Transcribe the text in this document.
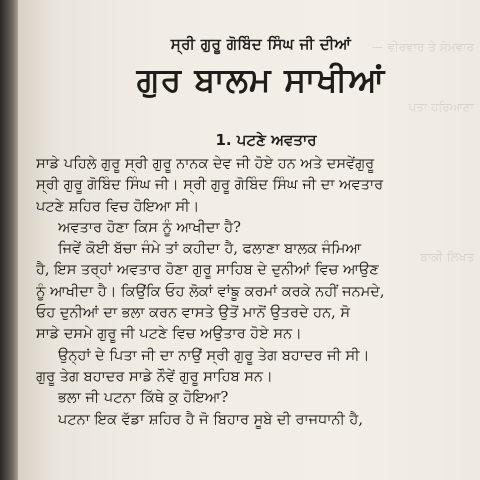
— ਵੀਰਵਾਰ ਤੇ ਸੋਮਵਾਰ
ਪਤਾ ਹਰਿਆਣਾ
ਬਾਕੀ ਲਿਖਤ

ਸ੍ਰੀ ਗੁਰੂ ਗੋਬਿੰਦ ਸਿੰਘ ਜੀ ਦੀਆਂ

ਗੁਰ ਬਾਲਮ ਸਾਖੀਆਂ
1. ਪਟਣੇ ਅਵਤਾਰ

ਸਾਡੇ ਪਹਿਲੇ ਗੁਰੂ ਸ੍ਰੀ ਗੁਰੂ ਨਾਨਕ ਦੇਵ ਜੀ ਹੋਏ ਹਨ ਅਤੇ ਦਸਵੇਂਗੁਰੂ

ਸ੍ਰੀ ਗੁਰੂ ਗੋਬਿੰਦ ਸਿੰਘ ਜੀ। ਸ੍ਰੀ ਗੁਰੂ ਗੋਬਿੰਦ ਸਿੰਘ ਜੀ ਦਾ ਅਵਤਾਰ

ਪਟਣੇ ਸ਼ਹਿਰ ਵਿਚ ਹੋਇਆ ਸੀ।

ਅਵਤਾਰ ਹੋਣਾ ਕਿਸ ਨੂੰ ਆਖੀਦਾ ਹੈ?

ਜਿਵੇਂ ਕੋਈ ਬੱਚਾ ਜੰਮੇ ਤਾਂ ਕਹੀਦਾ ਹੈ, ਫਲਾਣਾ ਬਾਲਕ ਜੰਮਿਆ

ਹੈ, ਇਸ ਤਰ੍ਹਾਂ ਅਵਤਾਰ ਹੋਣਾ ਗੁਰੂ ਸਾਹਿਬ ਦੇ ਦੁਨੀਆਂ ਵਿਚ ਆਉਣ

ਨੂੰ ਆਖੀਦਾ ਹੈ। ਕਿਉਂਕਿ ਓਹ ਲੋਕਾਂ ਵਾਂਙੂ ਕਰਮਾਂ ਕਰਕੇ ਨਹੀਂ ਜਨਮਦੇ,

ਓਹ ਦੁਨੀਆਂ ਦਾ ਭਲਾ ਕਰਨ ਵਾਸਤੇ ਉਤੋਂ ਮਾਨੋਂ ਉਤਰਦੇ ਹਨ, ਸੋ

ਸਾਡੇ ਦਸਮੇ ਗੁਰੂ ਜੀ ਪਟਣੇ ਵਿਚ ਅਉਤਾਰ ਹੋਏ ਸਨ।

ਉਨ੍ਹਾਂ ਦੇ ਪਿਤਾ ਜੀ ਦਾ ਨਾਉਂ ਸ੍ਰੀ ਗੁਰੂ ਤੇਗ ਬਹਾਦਰ ਜੀ ਸੀ।

ਗੁਰੂ ਤੇਗ ਬਹਾਦਰ ਸਾਡੇ ਨੌਵੇਂ ਗੁਰੂ ਸਾਹਿਬ ਸਨ।

ਭਲਾ ਜੀ ਪਟਨਾ ਕਿੱਥੇ ਕੁ ਹੋਇਆ?

ਪਟਨਾ ਇਕ ਵੱਡਾ ਸ਼ਹਿਰ ਹੈ ਜੋ ਬਿਹਾਰ ਸੂਬੇ ਦੀ ਰਾਜਧਾਨੀ ਹੈ,
